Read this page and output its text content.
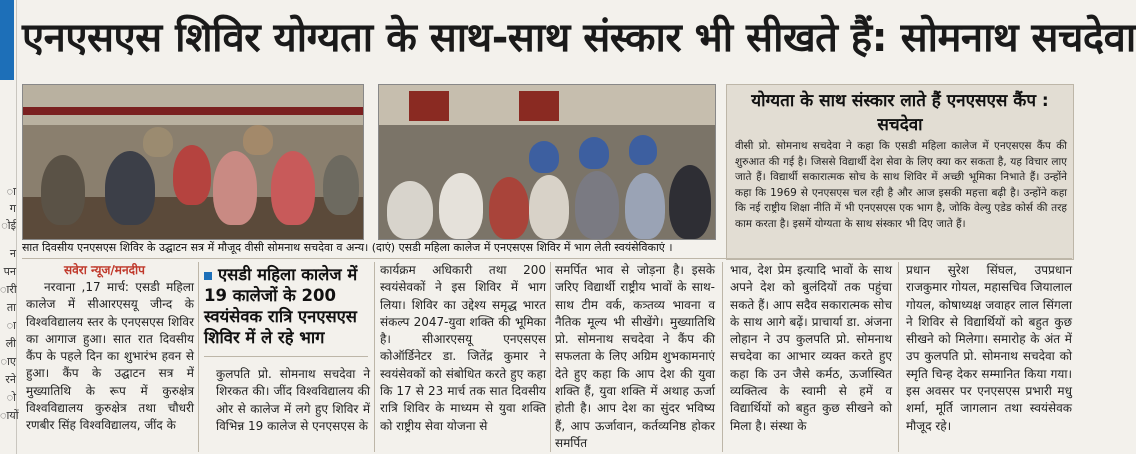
ा
ग
ोई
न
पन
ारी
ता
ा
ली
ाए
रने
ो
ायों
एनएसएस शिविर योग्यता के साथ-साथ संस्कार भी सीखते हैं: सोमनाथ सचदेवा
सात दिवसीय एनएसएस शिविर के उद्घाटन सत्र में मौजूद वीसी सोमनाथ सचदेवा व अन्य। (दाएं) एसडी महिला कालेज में एनएसएस शिविर में भाग लेती स्वयंसेविकाएं ।
योग्यता के साथ संस्कार लाते हैं एनएसएस कैंप : सचदेवा
वीसी प्रो. सोमनाथ सचदेवा ने कहा कि एसडी महिला कालेज में एनएसएस कैंप की शुरुआत की गई है। जिससे विद्यार्थी देश सेवा के लिए क्या कर सकता है, यह विचार लाए जाते हैं। विद्यार्थी सकारात्मक सोच के साथ शिविर में अच्छी भूमिका निभाते हैं। उन्होंने कहा कि 1969 से एनएसएस चल रही है और आज इसकी महत्ता बढ़ी है। उन्होंने कहा कि नई राष्ट्रीय शिक्षा नीति में भी एनएसएस एक भाग है, जोकि वेल्यु एडेड कोर्स की तरह काम करता है। इसमें योग्यता के साथ संस्कार भी दिए जाते हैं।
सवेरा न्यूज/मनदीप
नरवाना ,17 मार्च: एसडी महिला कालेज में सीआरएसयू जीन्द के विश्वविद्यालय स्तर के एनएसएस शिविर का आगाज हुआ। सात रात दिवसीय कैंप के पहले दिन का शुभारंभ हवन से हुआ। कैंप के उद्घाटन सत्र में मुख्यातिथि के रूप में कुरुक्षेत्र विश्वविद्यालय कुरुक्षेत्र तथा चौधरी रणबीर सिंह विश्वविद्यालय, जींद के
एसडी महिला कालेज में 19 कालेजों के 200 स्वयंसेवक रात्रि एनएसएस शिविर में ले रहे भाग
कुलपति प्रो. सोमनाथ सचदेवा ने शिरकत की। जींद विश्वविद्यालय की ओर से कालेज में लगे हुए शिविर में विभिन्न 19 कालेज से एनएसएस के
कार्यक्रम अधिकारी तथा 200 स्वयंसेवकों ने इस शिविर में भाग लिया। शिविर का उद्देश्य समृद्ध भारत संकल्प 2047-युवा शक्ति की भूमिका है। सीआरएसयू एनएसएस कोऑर्डिनेटर डा. जितेंद्र कुमार ने स्वयंसेवकों को संबोधित करते हुए कहा कि 17 से 23 मार्च तक सात दिवसीय रात्रि शिविर के माध्यम से युवा शक्ति को राष्ट्रीय सेवा योजना से
समर्पित भाव से जोड़ना है। इसके जरिए विद्यार्थी राष्ट्रीय भावों के साथ-साथ टीम वर्क, कत्र्तव्य भावना व नैतिक मूल्य भी सीखेंगे। मुख्यातिथि प्रो. सोमनाथ सचदेवा ने कैंप की सफलता के लिए अग्रिम शुभकामनाएं देते हुए कहा कि आप देश की युवा शक्ति हैं, युवा शक्ति में अथाह ऊर्जा होती है। आप देश का सुंदर भविष्य हैं, आप ऊर्जावान, कर्तव्यनिष्ठ होकर समर्पित
भाव, देश प्रेम इत्यादि भावों के साथ अपने देश को बुलंदियों तक पहुंचा सकते हैं। आप सदैव सकारात्मक सोच के साथ आगे बढ़ें। प्राचार्या डा. अंजना लोहान ने उप कुलपति प्रो. सोमनाथ सचदेवा का आभार व्यक्त करते हुए कहा कि उन जैसे कर्मठ, ऊर्जास्वित व्यक्तित्व के स्वामी से हमें व विद्यार्थियों को बहुत कुछ सीखने को मिला है। संस्था के
प्रधान सुरेश सिंघल, उपप्रधान राजकुमार गोयल, महासचिव जियालाल गोयल, कोषाध्यक्ष जवाहर लाल सिंगला ने शिविर से विद्यार्थियों को बहुत कुछ सीखने को मिलेगा। समारोह के अंत में उप कुलपति प्रो. सोमनाथ सचदेवा को स्मृति चिन्ह देकर सम्मानित किया गया। इस अवसर पर एनएसएस प्रभारी मधु शर्मा, मूर्ति जागलान तथा स्वयंसेवक मौजूद रहे।
